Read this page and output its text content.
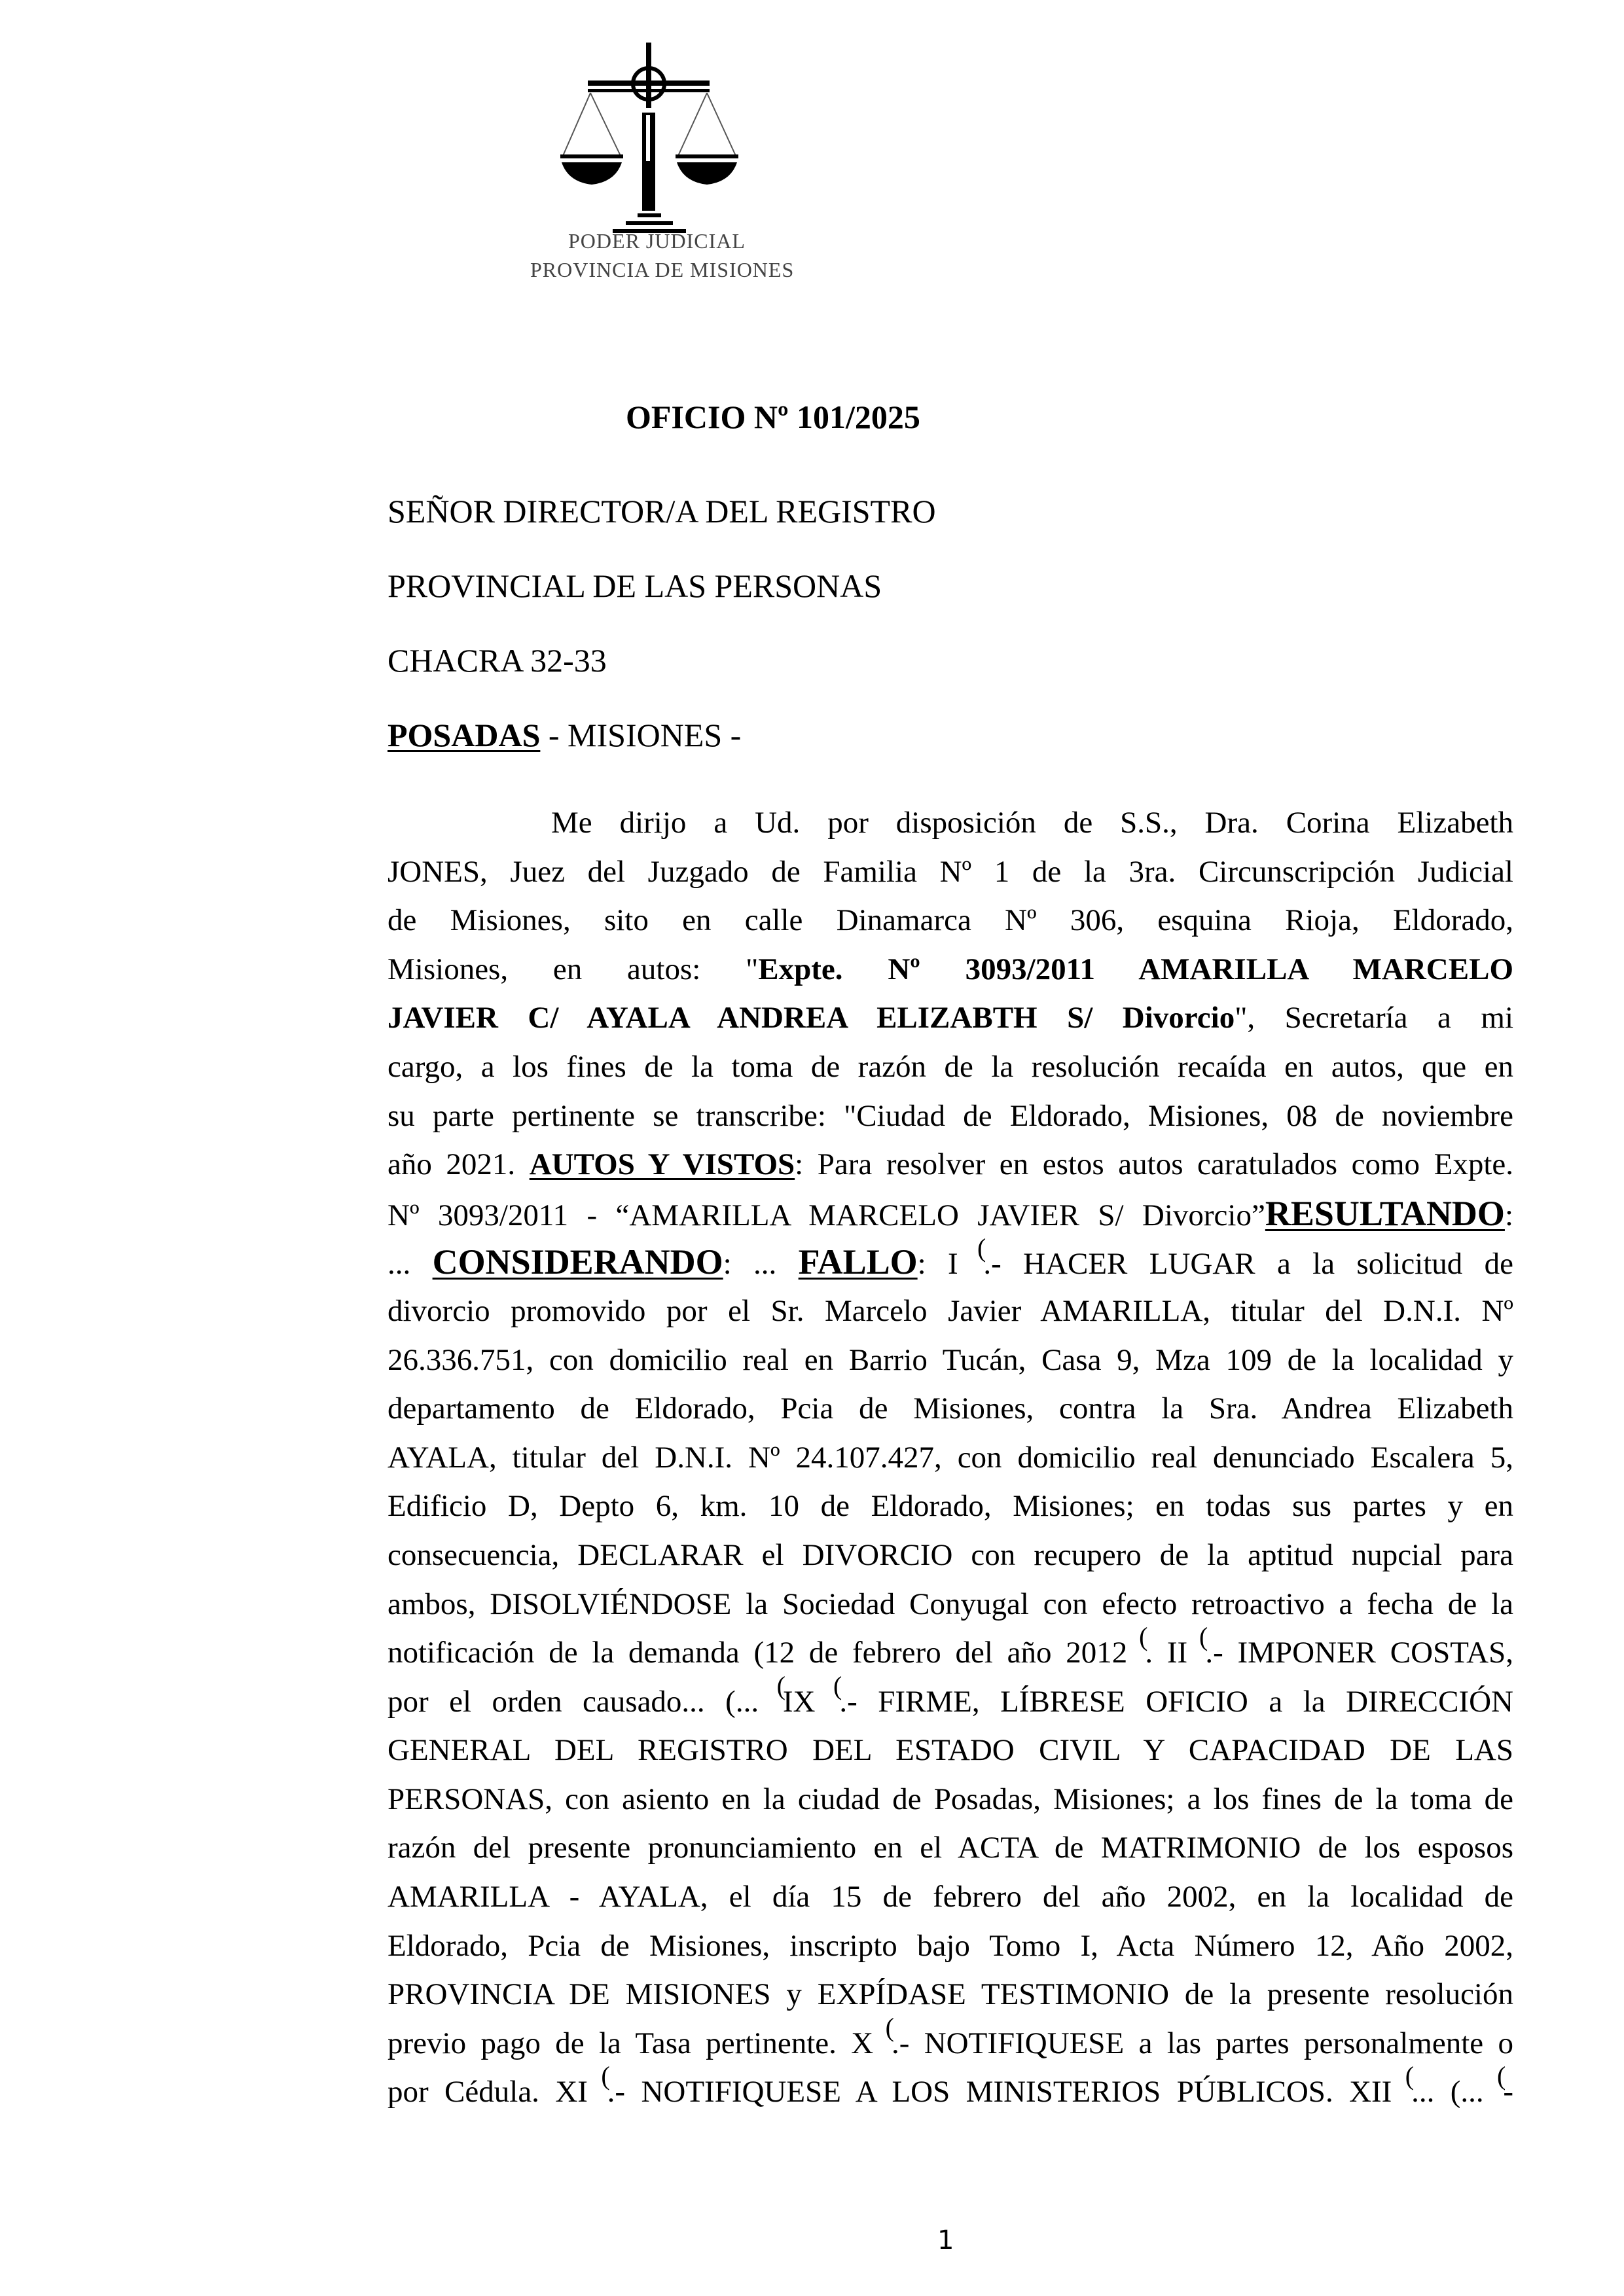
PODER JUDICIAL
PROVINCIA DE MISIONES
OFICIO Nº 101/2025
SEÑOR DIRECTOR/A DEL REGISTRO
PROVINCIAL DE LAS PERSONAS
CHACRA 32-33
POSADAS - MISIONES -
Me dirijo a Ud. por disposición de S.S., Dra. Corina Elizabeth
JONES, Juez del Juzgado de Familia Nº 1 de la 3ra. Circunscripción Judicial
de Misiones, sito en calle Dinamarca Nº 306, esquina Rioja, Eldorado,
Misiones, en autos: "Expte. Nº 3093/2011 AMARILLA MARCELO
JAVIER C/ AYALA ANDREA ELIZABTH S/ Divorcio", Secretaría a mi
cargo, a los fines de la toma de razón de la resolución recaída en autos, que en
su parte pertinente se transcribe: "Ciudad de Eldorado, Misiones, 08 de noviembre
año 2021. AUTOS Y VISTOS: Para resolver en estos autos caratulados como Expte.
Nº 3093/2011 - “AMARILLA MARCELO JAVIER S/ Divorcio”RESULTANDO:
... CONSIDERANDO: ... FALLO: I (.- HACER LUGAR a la solicitud de
divorcio promovido por el Sr. Marcelo Javier AMARILLA, titular del D.N.I. Nº
26.336.751, con domicilio real en Barrio Tucán, Casa 9, Mza 109 de la localidad y
departamento de Eldorado, Pcia de Misiones, contra la Sra. Andrea Elizabeth
AYALA, titular del D.N.I. Nº 24.107.427, con domicilio real denunciado Escalera 5,
Edificio D, Depto 6, km. 10 de Eldorado, Misiones; en todas sus partes y en
consecuencia, DECLARAR el DIVORCIO con recupero de la aptitud nupcial para
ambos, DISOLVIÉNDOSE la Sociedad Conyugal con efecto retroactivo a fecha de la
notificación de la demanda (12 de febrero del año 2012 (. II (.- IMPONER COSTAS,
por el orden causado... (... (IX (.- FIRME, LÍBRESE OFICIO a la DIRECCIÓN
GENERAL DEL REGISTRO DEL ESTADO CIVIL Y CAPACIDAD DE LAS
PERSONAS, con asiento en la ciudad de Posadas, Misiones; a los fines de la toma de
razón del presente pronunciamiento en el ACTA de MATRIMONIO de los esposos
AMARILLA - AYALA, el día 15 de febrero del año 2002, en la localidad de
Eldorado, Pcia de Misiones, inscripto bajo Tomo I, Acta Número 12, Año 2002,
PROVINCIA DE MISIONES y EXPÍDASE TESTIMONIO de la presente resolución
previo pago de la Tasa pertinente. X (.- NOTIFIQUESE a las partes personalmente o
por Cédula. XI (.- NOTIFIQUESE A LOS MINISTERIOS PÚBLICOS. XII (... (... (-
1
